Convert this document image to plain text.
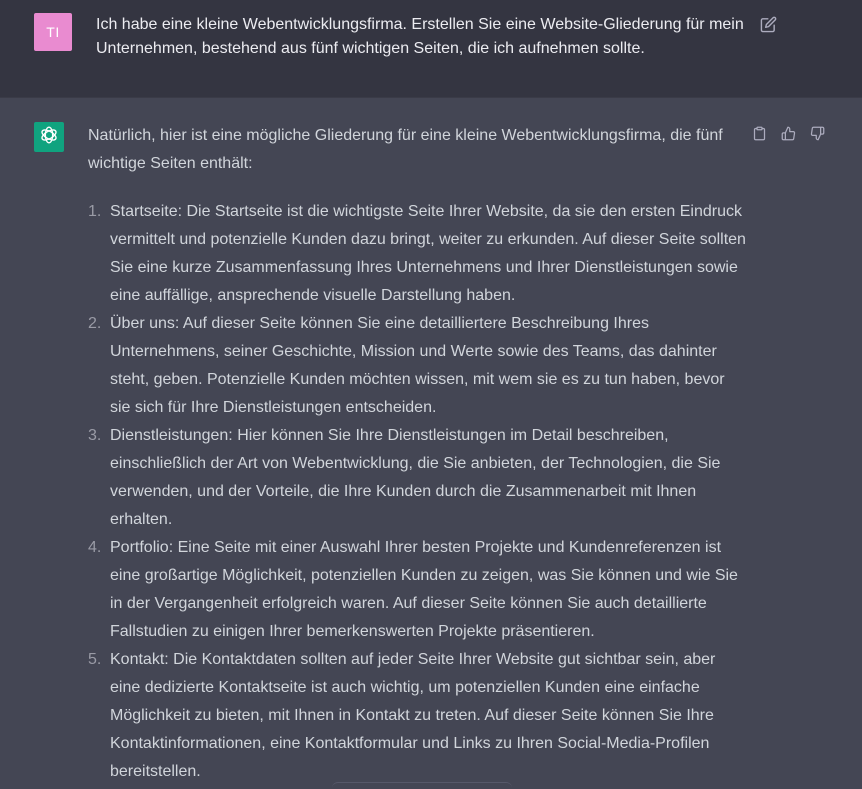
TI Ich habe eine kleine Webentwicklungsfirma. Erstellen Sie eine Website-Gliederung für mein Unternehmen, bestehend aus fünf wichtigen Seiten, die ich aufnehmen sollte.

Natürlich, hier ist eine mögliche Gliederung für eine kleine Webentwicklungsfirma, die fünf wichtige Seiten enthält:

1. Startseite: Die Startseite ist die wichtigste Seite Ihrer Website, da sie den ersten Eindruck vermittelt und potenzielle Kunden dazu bringt, weiter zu erkunden. Auf dieser Seite sollten Sie eine kurze Zusammenfassung Ihres Unternehmens und Ihrer Dienstleistungen sowie eine auffällige, ansprechende visuelle Darstellung haben.
2. Über uns: Auf dieser Seite können Sie eine detailliertere Beschreibung Ihres Unternehmens, seiner Geschichte, Mission und Werte sowie des Teams, das dahinter steht, geben. Potenzielle Kunden möchten wissen, mit wem sie es zu tun haben, bevor sie sich für Ihre Dienstleistungen entscheiden.
3. Dienstleistungen: Hier können Sie Ihre Dienstleistungen im Detail beschreiben, einschließlich der Art von Webentwicklung, die Sie anbieten, der Technologien, die Sie verwenden, und der Vorteile, die Ihre Kunden durch die Zusammenarbeit mit Ihnen erhalten.
4. Portfolio: Eine Seite mit einer Auswahl Ihrer besten Projekte und Kundenreferenzen ist eine großartige Möglichkeit, potenziellen Kunden zu zeigen, was Sie können und wie Sie in der Vergangenheit erfolgreich waren. Auf dieser Seite können Sie auch detaillierte Fallstudien zu einigen Ihrer bemerkenswerten Projekte präsentieren.
5. Kontakt: Die Kontaktdaten sollten auf jeder Seite Ihrer Website gut sichtbar sein, aber eine dedizierte Kontaktseite ist auch wichtig, um potenziellen Kunden eine einfache Möglichkeit zu bieten, mit Ihnen in Kontakt zu treten. Auf dieser Seite können Sie Ihre Kontaktinformationen, eine Kontaktformular und Links zu Ihren Social-Media-Profilen bereitstellen.
